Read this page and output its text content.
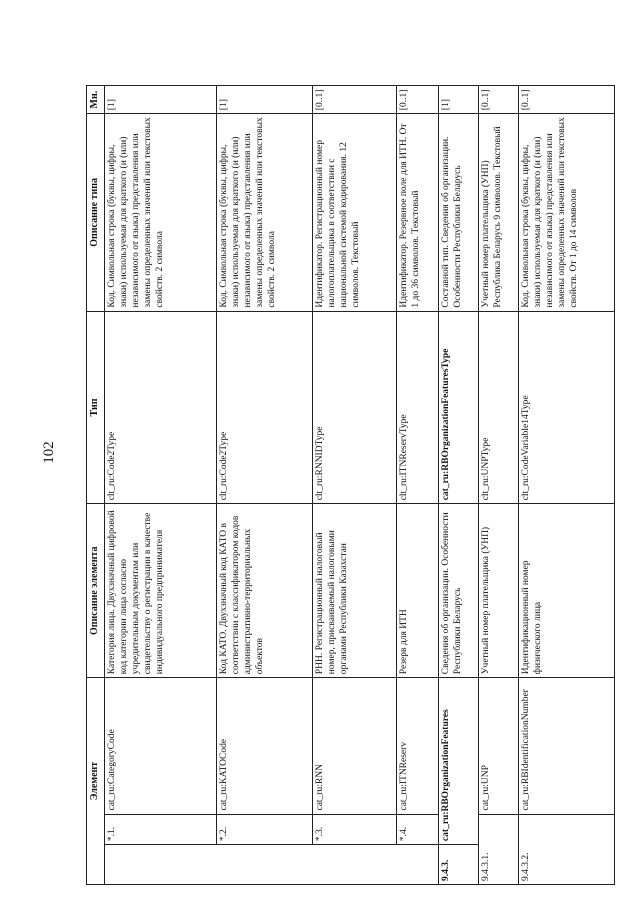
102
Элемент			Описание элемента	Тип	Описание типа	Мн.
	*.1.	cat_ru:CategoryCode	Категория лица. Двухзначный цифровой код категории лица согласно учредительным документам или свидетельству о регистрации в качестве индивидуального предпринимателя	clt_ru:Code2Type	Код. Символьная строка (буквы, цифры, знаки) используемая для краткого (и (или) независимого от языка) представления или замены определенных значений или текстовых свойств. 2 символа	[1]
	*.2.	cat_ru:KATOCode	Код КАТО. Двухзначный код КАТО в соответствии с классификатором кодов административно-территориальных объектов	clt_ru:Code2Type	Код. Символьная строка (буквы, цифры, знаки) используемая для краткого (и (или) независимого от языка) представления или замены определенных значений или текстовых свойств. 2 символа	[1]
	*.3.	cat_ru:RNN	РНН. Регистрационный налоговый номер, присваиваемый налоговыми органами Республики Казахстан	clt_ru:RNNIDType	Идентификатор. Регистрационный номер налогоплательщика в соответствии с национальной системой кодирования. 12 символов. Текстовый	[0..1]
	*.4.	cat_ru:ITNReserv	Резерв для ИТН	clt_ru:ITNReservType	Идентификатор. Резервное поле для ИТН. От 1 до 36 символов. Текстовый	[0..1]
9.4.3.	cat_ru:RBOrganizationFeatures		Сведения об организации. Особенности Республики Беларусь	cat_ru:RBOrganizationFeaturesType	Составной тип. Сведения об организации. Особенности Республики Беларусь	[1]
9.4.3.1.		cat_ru:UNP	Учетный номер плательщика (УНП)	clt_ru:UNPType	Учетный номер плательщика (УНП) Республика Беларусь 9 символов. Текстовый	[0..1]
9.4.3.2.		cat_ru:RBIdentificationNumber	Идентификационный номер физического лица	clt_ru:CodeVariable14Type	Код. Символьная строка (буквы, цифры, знаки) используемая для краткого (и (или) независимого от языка) представления или замены определенных значений или текстовых свойств. От 1 до 14 символов	[0..1]
